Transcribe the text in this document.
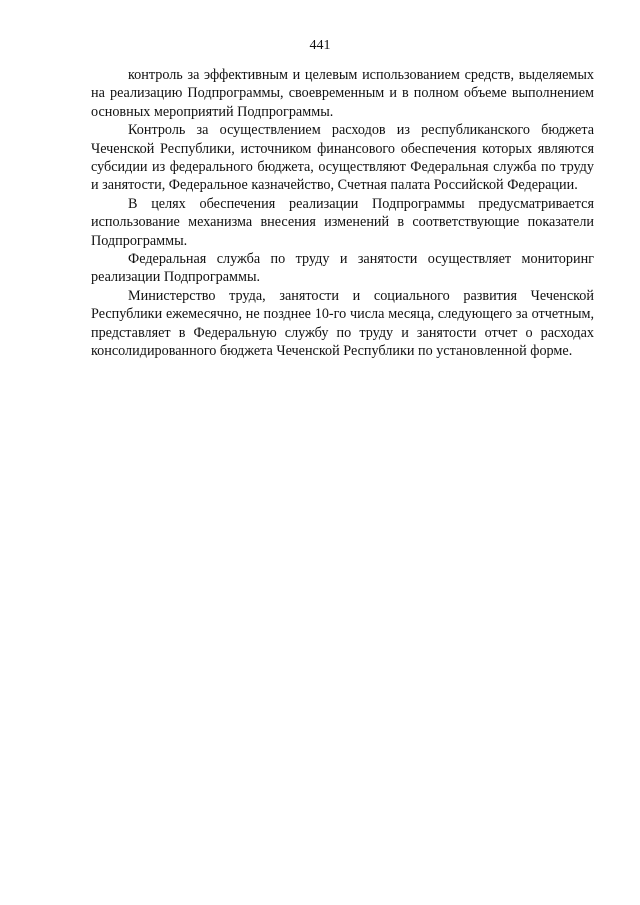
441

контроль за эффективным и целевым использованием средств, выделяемых на реализацию Подпрограммы, своевременным и в полном объеме выполнением основных мероприятий Подпрограммы.

Контроль за осуществлением расходов из республиканского бюджета Чеченской Республики, источником финансового обеспечения которых являются субсидии из федерального бюджета, осуществляют Федеральная служба по труду и занятости, Федеральное казначейство, Счетная палата Российской Федерации.

В целях обеспечения реализации Подпрограммы предусматривается использование механизма внесения изменений в соответствующие показатели Подпрограммы.

Федеральная служба по труду и занятости осуществляет мониторинг реализации Подпрограммы.

Министерство труда, занятости и социального развития Чеченской Республики ежемесячно, не позднее 10-го числа месяца, следующего за отчетным, представляет в Федеральную службу по труду и занятости отчет о расходах консолидированного бюджета Чеченской Республики по установленной форме.
